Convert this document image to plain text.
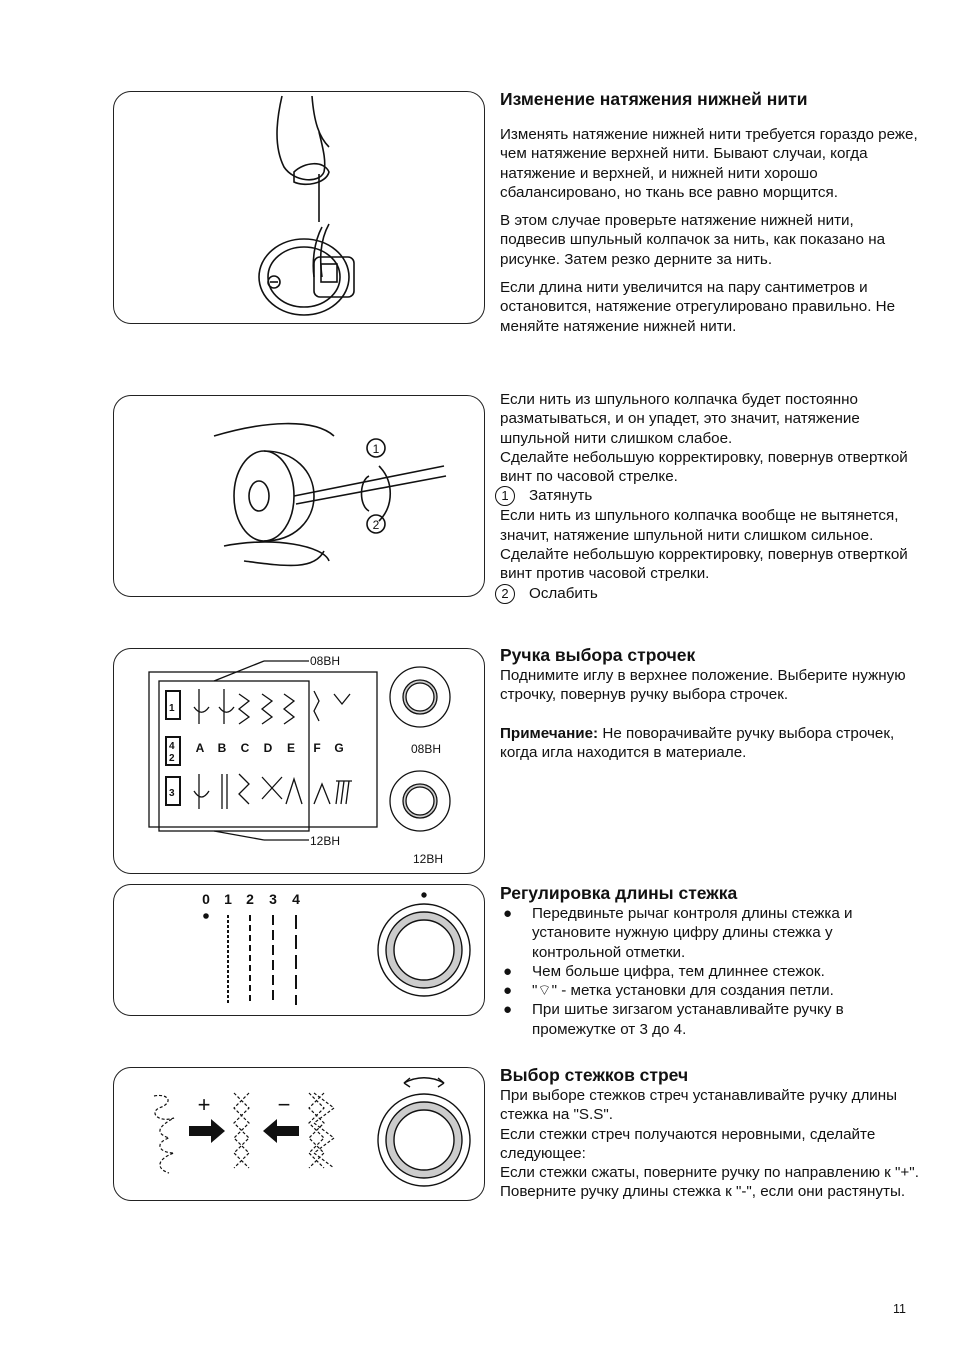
1
2
08BH
12BH
08BH
12BH
1
4
2
3
A B C D E F G
0 1 2 3 4
+	−
Изменение натяжения нижней нити

Изменять натяжение нижней нити требуется гораздо реже, чем натяжение верхней нити. Бывают случаи, когда натяжение и верхней, и нижней нити хорошо сбалансировано, но ткань все равно морщится.

В этом случае проверьте натяжение нижней нити, подвесив шпульный колпачок за нить, как показано на рисунке. Затем резко дерните за нить.

Если длина нити увеличится на пару сантиметров и остановится, натяжение отрегулировано правильно. Не меняйте натяжение нижней нити.

Если нить из шпульного колпачка будет постоянно разматываться, и он упадет, это значит, натяжение шпульной нити слишком слабое.

Сделайте небольшую корректировку, повернув отверткой винт по часовой стрелке.

1 Затянуть

Если нить из шпульного колпачка вообще не вытянется, значит, натяжение шпульной нити слишком сильное.

Сделайте небольшую корректировку, повернув отверткой винт против часовой стрелки.

2 Ослабить

Ручка выбора строчек

Поднимите иглу в верхнее положение. Выберите нужную строчку, повернув ручку выбора строчек.

Примечание: Не поворачивайте ручку выбора строчек, когда игла находится в материале.

Регулировка длины стежка
● Передвиньте рычаг контроля длины стежка и установите нужную цифру длины стежка у контрольной отметки.
● Чем больше цифра, тем длиннее стежок.
● "⌔" - метка установки для создания петли.
● При шитье зигзагом устанавливайте ручку в промежутке от 3 до 4.
Выбор стежков стреч

При выборе стежков стреч устанавливайте ручку длины стежка на "S.S".

Если стежки стреч получаются неровными, сделайте следующее:

Если стежки сжаты, поверните ручку по направлению к "+".

Поверните ручку длины стежка к "-", если они растянуты.

11
